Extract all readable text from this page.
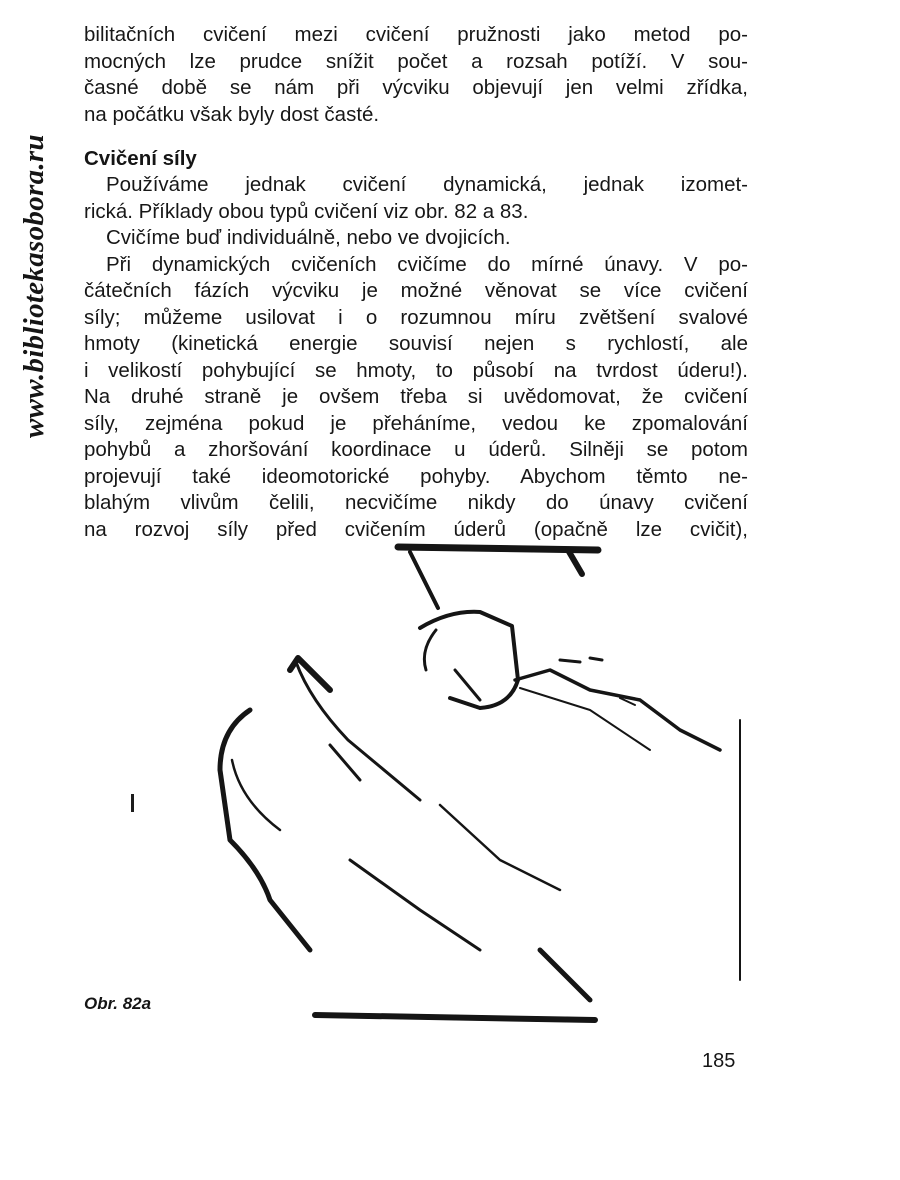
www.bibliotekasobora.ru
bilitačních cvičení mezi cvičení pružnosti jako metod po-
mocných lze prudce snížit počet a rozsah potíží. V sou-
časné době se nám při výcviku objevují jen velmi zřídka,
na počátku však byly dost časté.
Cvičení síly
Používáme jednak cvičení dynamická, jednak izomet-
rická. Příklady obou typů cvičení viz obr. 82 a 83.
Cvičíme buď individuálně, nebo ve dvojicích.
Při dynamických cvičeních cvičíme do mírné únavy. V po-
čátečních fázích výcviku je možné věnovat se více cvičení
síly; můžeme usilovat i o rozumnou míru zvětšení svalové
hmoty (kinetická energie souvisí nejen s rychlostí, ale
i velikostí pohybující se hmoty, to působí na tvrdost úderu!).
Na druhé straně je ovšem třeba si uvědomovat, že cvičení
síly, zejména pokud je přeháníme, vedou ke zpomalování
pohybů a zhoršování koordinace u úderů. Silněji se potom
projevují také ideomotorické pohyby. Abychom těmto ne-
blahým vlivům čelili, necvičíme nikdy do únavy cvičení
na rozvoj síly před cvičením úderů (opačně lze cvičit),
Obr. 82a
185
